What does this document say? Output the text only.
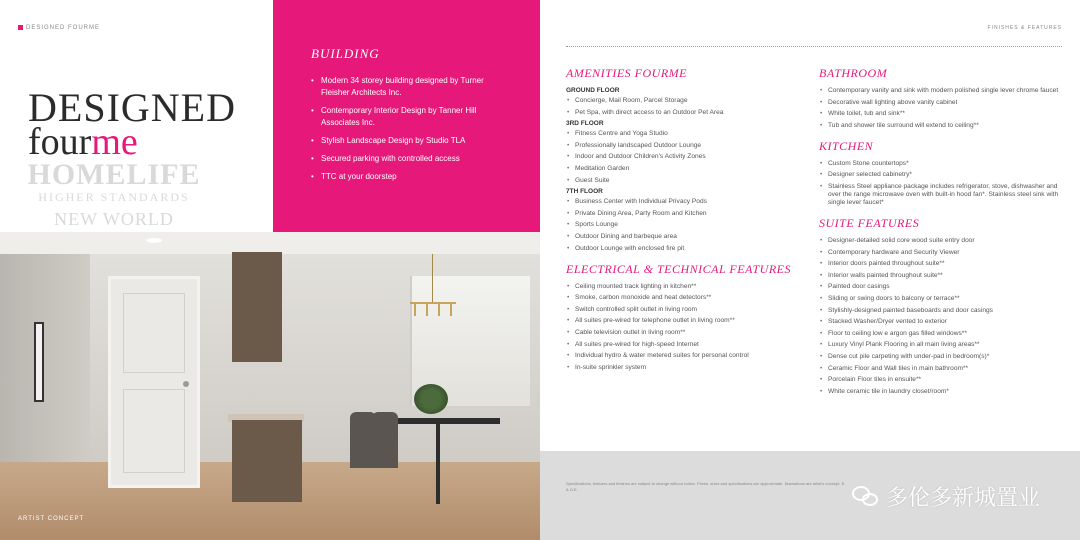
DESIGNED FOURME
DESIGNED
fourme
HOMELIFE
HIGHER STANDARDS
NEW WORLD
BUILDING
• Modern 34 storey building designed by Turner Fleisher Architects Inc.
• Contemporary Interior Design by Tanner Hill Associates Inc.
• Stylish Landscape Design by Studio TLA
• Secured parking with controlled access
• TTC at your doorstep
ARTIST CONCEPT
FINISHES & FEATURES
AMENITIES FOURME
GROUND FLOOR
• Concierge, Mail Room, Parcel Storage
• Pet Spa, with direct access to an Outdoor Pet Area
3RD FLOOR
• Fitness Centre and Yoga Studio
• Professionally landscaped Outdoor Lounge
• Indoor and Outdoor Children's Activity Zones
• Meditation Garden
• Guest Suite
7TH FLOOR
• Business Center with Individual Privacy Pods
• Private Dining Area, Party Room and Kitchen
• Sports Lounge
• Outdoor Dining and barbeque area
• Outdoor Lounge with enclosed fire pit
ELECTRICAL & TECHNICAL FEATURES
• Ceiling mounted track lighting in kitchen**
• Smoke, carbon monoxide and heat detectors**
• Switch controlled split outlet in living room
• All suites pre-wired for telephone outlet in living room**
• Cable television outlet in living room**
• All suites pre-wired for high-speed Internet
• Individual hydro & water metered suites for personal control
• In-suite sprinkler system
BATHROOM
• Contemporary vanity and sink with modern polished single lever chrome faucet
• Decorative wall lighting above vanity cabinet
• White toilet, tub and sink**
• Tub and shower tile surround will extend to ceiling**
KITCHEN
• Custom Stone countertops*
• Designer selected cabinetry*
• Stainless Steel appliance package includes refrigerator, stove, dishwasher and over the range microwave oven with built-in hood fan*. Stainless steel sink with single lever faucet*
SUITE FEATURES
• Designer-detailed solid core wood suite entry door
• Contemporary hardware and Security Viewer
• Interior doors painted throughout suite**
• Interior walls painted throughout suite**
• Painted door casings
• Sliding or swing doors to balcony or terrace**
• Stylishly-designed painted baseboards and door casings
• Stacked Washer/Dryer vented to exterior
• Floor to ceiling low e argon gas filled windows**
• Luxury Vinyl Plank Flooring in all main living areas**
• Dense cut pile carpeting with under-pad in bedroom(s)*
• Ceramic Floor and Wall tiles in main bathroom**
• Porcelain Floor tiles in ensuite**
• White ceramic tile in laundry closet/room*
Specifications, features and finishes are subject to change without notice. Prices, sizes and specifications are approximate. Illustrations are artist's concept. E. & O.E.	多伦多新城置业
